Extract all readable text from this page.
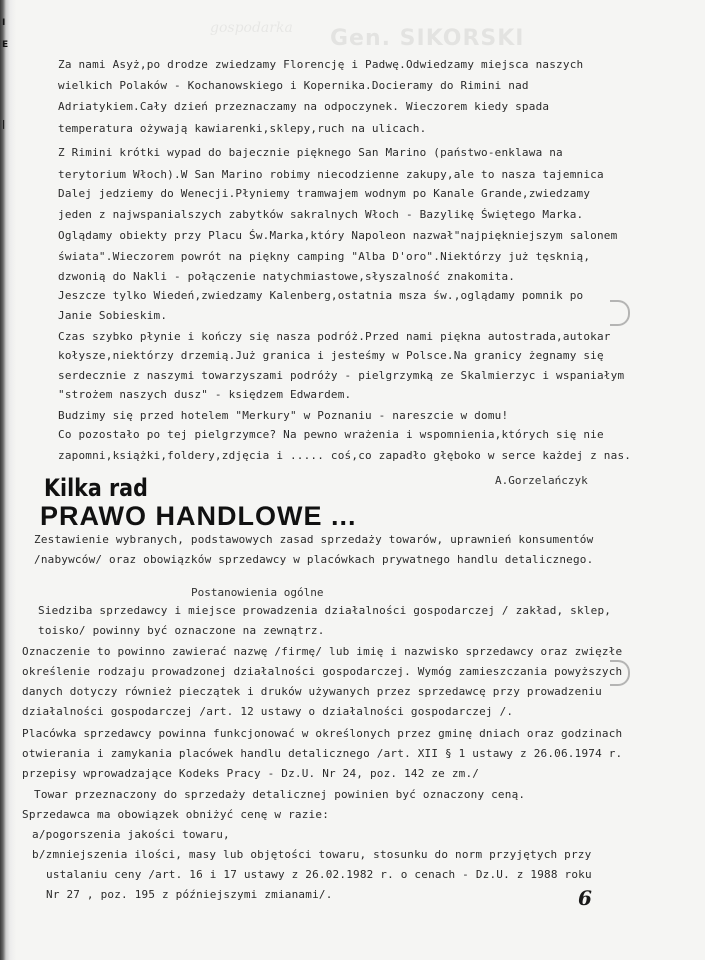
I
E
|
gospodarka Gen. SIKORSKI
Za nami Asyż,po drodze zwiedzamy Florencję i Padwę.Odwiedzamy miejsca naszych
wielkich Polaków - Kochanowskiego i Kopernika.Docieramy do Rimini nad
Adriatykiem.Cały dzień przeznaczamy na odpoczynek. Wieczorem kiedy spada
temperatura ożywają kawiarenki,sklepy,ruch na ulicach.
Z Rimini krótki wypad do bajecznie pięknego San Marino (państwo-enklawa na
terytorium Włoch).W San Marino robimy niecodzienne zakupy,ale to nasza tajemnica
Dalej jedziemy do Wenecji.Płyniemy tramwajem wodnym po Kanale Grande,zwiedzamy
jeden z najwspanialszych zabytków sakralnych Włoch - Bazylikę Świętego Marka.
Oglądamy obiekty przy Placu Św.Marka,który Napoleon nazwał"najpiękniejszym salonem
świata".Wieczorem powrót na piękny camping "Alba D'oro".Niektórzy już tęsknią,
dzwonią do Nakli - połączenie natychmiastowe,słyszalność znakomita.
Jeszcze tylko Wiedeń,zwiedzamy Kalenberg,ostatnia msza św.,oglądamy pomnik po
Janie Sobieskim.
Czas szybko płynie i kończy się nasza podróż.Przed nami piękna autostrada,autokar
kołysze,niektórzy drzemią.Już granica i jesteśmy w Polsce.Na granicy żegnamy się
serdecznie z naszymi towarzyszami podróży - pielgrzymką ze Skalmierzyc i wspaniałym
"strożem naszych dusz" - księdzem Edwardem.
Budzimy się przed hotelem "Merkury" w Poznaniu - nareszcie w domu!
Co pozostało po tej pielgrzymce? Na pewno wrażenia i wspomnienia,których się nie
zapomni,książki,foldery,zdjęcia i ..... coś,co zapadło głęboko w serce każdej z nas.
A.Gorzelańczyk
Kilka rad
PRAWO HANDLOWE ...
Zestawienie wybranych, podstawowych zasad sprzedaży towarów, uprawnień konsumentów
/nabywców/ oraz obowiązków sprzedawcy w placówkach prywatnego handlu detalicznego.
Postanowienia ogólne
Siedziba sprzedawcy i miejsce prowadzenia działalności gospodarczej / zakład, sklep,
toisko/ powinny być oznaczone na zewnątrz.
Oznaczenie to powinno zawierać nazwę /firmę/ lub imię i nazwisko sprzedawcy oraz zwięzłe
określenie rodzaju prowadzonej działalności gospodarczej. Wymóg zamieszczania powyższych
danych dotyczy również pieczątek i druków używanych przez sprzedawcę przy prowadzeniu
działalności gospodarczej /art. 12 ustawy o działalności gospodarczej /.
Placówka sprzedawcy powinna funkcjonować w określonych przez gminę dniach oraz godzinach
otwierania i zamykania placówek handlu detalicznego /art. XII § 1 ustawy z 26.06.1974 r.
przepisy wprowadzające Kodeks Pracy - Dz.U. Nr 24, poz. 142 ze zm./
Towar przeznaczony do sprzedaży detalicznej powinien być oznaczony ceną.
Sprzedawca ma obowiązek obniżyć cenę w razie:
a/pogorszenia jakości towaru,
b/zmniejszenia ilości, masy lub objętości towaru, stosunku do norm przyjętych przy
ustalaniu ceny /art. 16 i 17 ustawy z 26.02.1982 r. o cenach - Dz.U. z 1988 roku
Nr 27 , poz. 195 z późniejszymi zmianami/.	6
